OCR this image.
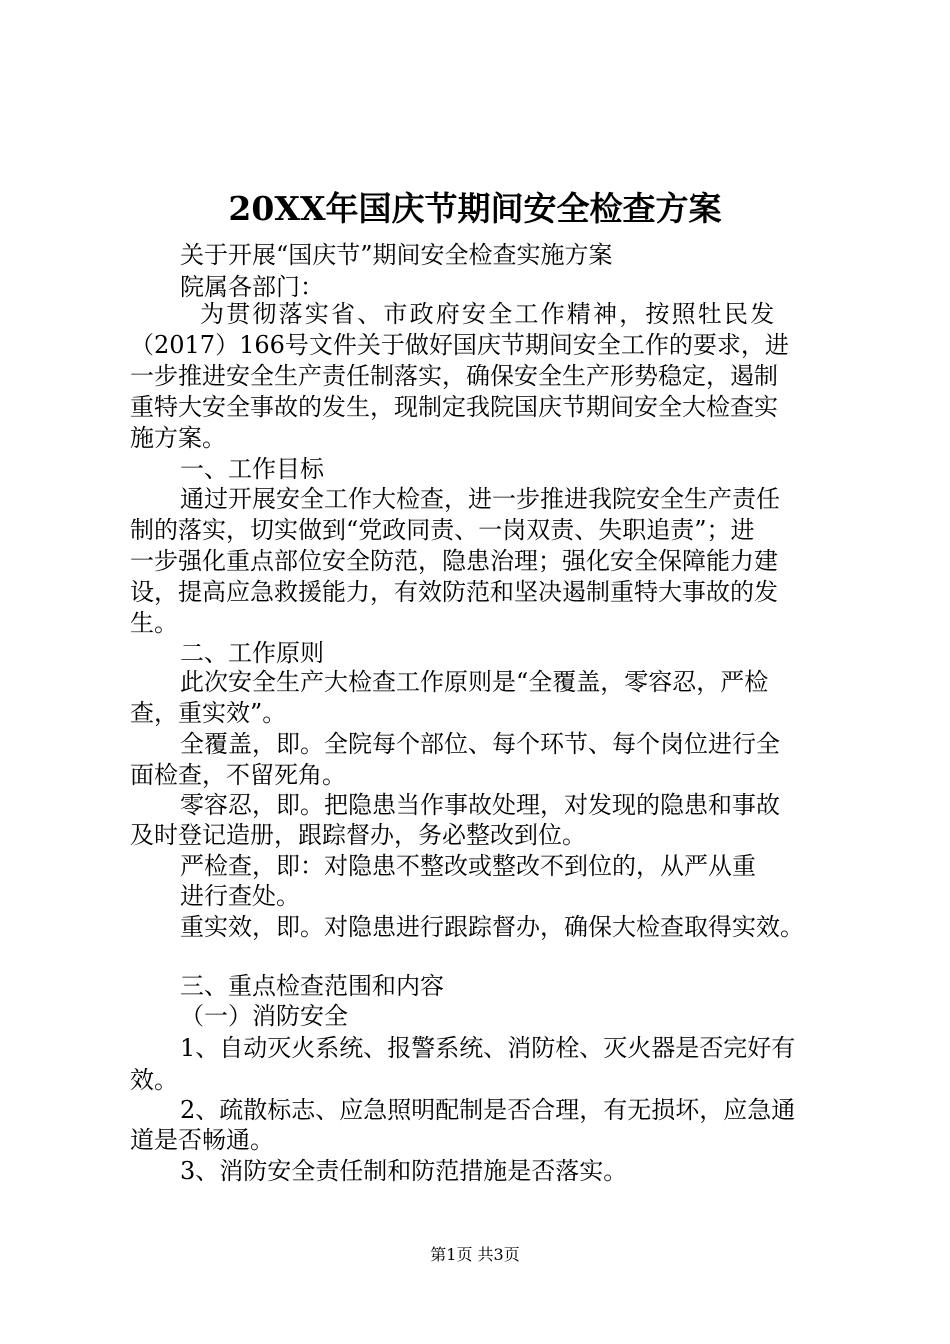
20XX年国庆节期间安全检查方案
关于开展“国庆节”期间安全检查实施方案
院属各部门：
为贯彻落实省、市政府安全工作精神，按照牡民发
（2017）166号文件关于做好国庆节期间安全工作的要求，进
一步推进安全生产责任制落实，确保安全生产形势稳定，遏制
重特大安全事故的发生，现制定我院国庆节期间安全大检查实
施方案。
一、工作目标
通过开展安全工作大检查，进一步推进我院安全生产责任
制的落实，切实做到“党政同责、一岗双责、失职追责”；进
一步强化重点部位安全防范，隐患治理；强化安全保障能力建
设，提高应急救援能力，有效防范和坚决遏制重特大事故的发
生。
二、工作原则
此次安全生产大检查工作原则是“全覆盖，零容忍，严检
查，重实效”。
全覆盖，即。全院每个部位、每个环节、每个岗位进行全
面检查，不留死角。
零容忍，即。把隐患当作事故处理，对发现的隐患和事故
及时登记造册，跟踪督办，务必整改到位。
严检查，即：对隐患不整改或整改不到位的，从严从重
进行查处。
重实效，即。对隐患进行跟踪督办，确保大检查取得实效。
三、重点检查范围和内容
（一）消防安全
1、自动灭火系统、报警系统、消防栓、灭火器是否完好有
效。
2、疏散标志、应急照明配制是否合理，有无损坏，应急通
道是否畅通。
3、消防安全责任制和防范措施是否落实。
第1页 共3页
